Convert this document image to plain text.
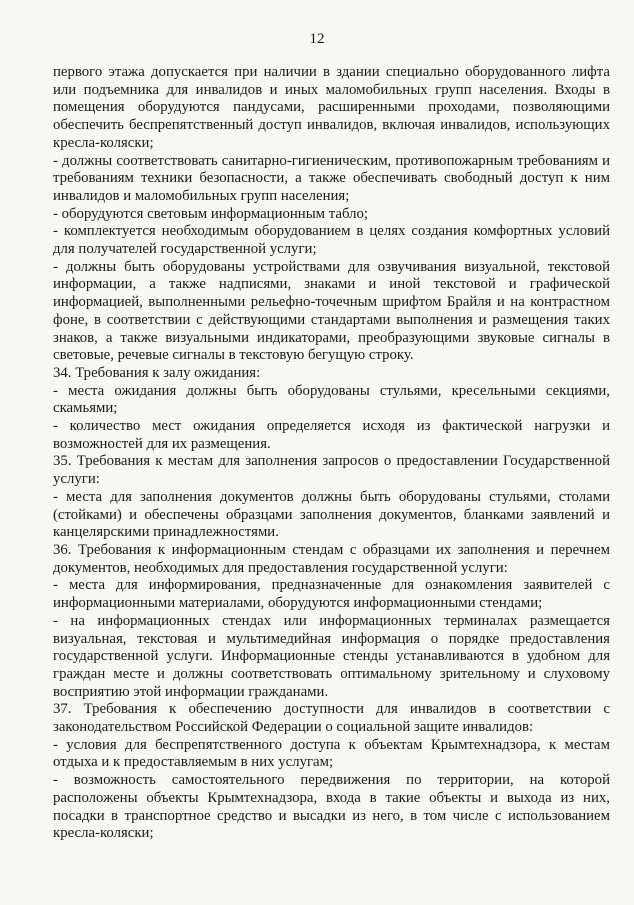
12

первого этажа допускается при наличии в здании специально оборудованного лифта или подъемника для инвалидов и иных маломобильных групп населения. Входы в помещения оборудуются пандусами, расширенными проходами, позволяющими обеспечить беспрепятственный доступ инвалидов, включая инвалидов, использующих кресла-коляски;

- должны соответствовать санитарно-гигиеническим, противопожарным требованиям и требованиям техники безопасности, а также обеспечивать свободный доступ к ним инвалидов и маломобильных групп населения;

- оборудуются световым информационным табло;

- комплектуется необходимым оборудованием в целях создания комфортных условий для получателей государственной услуги;

- должны быть оборудованы устройствами для озвучивания визуальной, текстовой информации, а также надписями, знаками и иной текстовой и графической информацией, выполненными рельефно-точечным шрифтом Брайля и на контрастном фоне, в соответствии с действующими стандартами выполнения и размещения таких знаков, а также визуальными индикаторами, преобразующими звуковые сигналы в световые, речевые сигналы в текстовую бегущую строку.

34. Требования к залу ожидания:

- места ожидания должны быть оборудованы стульями, кресельными секциями, скамьями;

- количество мест ожидания определяется исходя из фактической нагрузки и возможностей для их размещения.

35. Требования к местам для заполнения запросов о предоставлении Государственной услуги:

- места для заполнения документов должны быть оборудованы стульями, столами (стойками) и обеспечены образцами заполнения документов, бланками заявлений и канцелярскими принадлежностями.

36. Требования к информационным стендам с образцами их заполнения и перечнем документов, необходимых для предоставления государственной услуги:

- места для информирования, предназначенные для ознакомления заявителей с информационными материалами, оборудуются информационными стендами;

- на информационных стендах или информационных терминалах размещается визуальная, текстовая и мультимедийная информация о порядке предоставления государственной услуги. Информационные стенды устанавливаются в удобном для граждан месте и должны соответствовать оптимальному зрительному и слуховому восприятию этой информации гражданами.

37. Требования к обеспечению доступности для инвалидов в соответствии с законодательством Российской Федерации о социальной защите инвалидов:

- условия для беспрепятственного доступа к объектам Крымтехнадзора, к местам отдыха и к предоставляемым в них услугам;

- возможность самостоятельного передвижения по территории, на которой расположены объекты Крымтехнадзора, входа в такие объекты и выхода из них, посадки в транспортное средство и высадки из него, в том числе с использованием кресла-коляски;
